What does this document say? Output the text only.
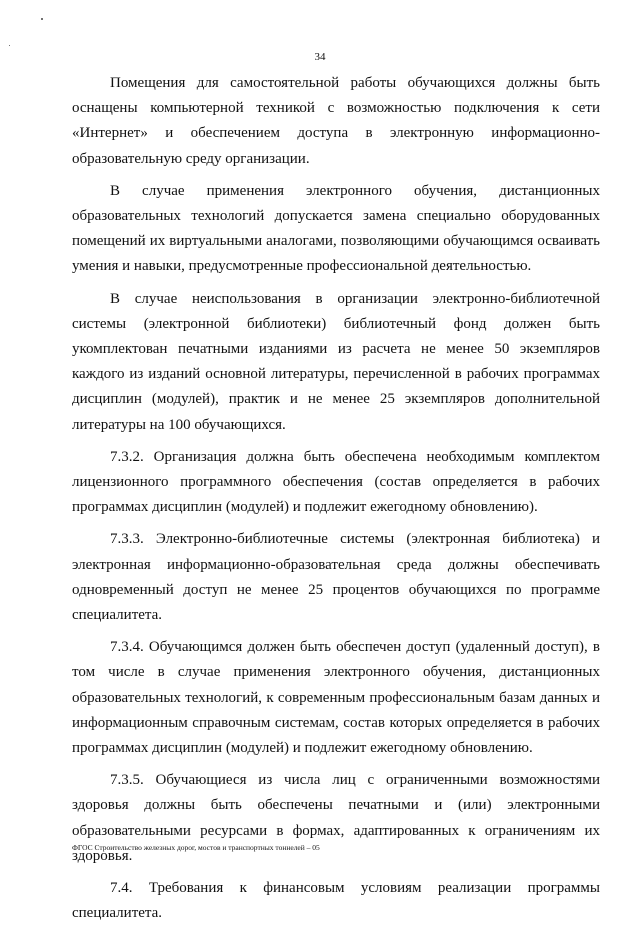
34

Помещения для самостоятельной работы обучающихся должны быть оснащены компьютерной техникой с возможностью подключения к сети «Интернет» и обеспечением доступа в электронную информационно-образовательную среду организации.

В случае применения электронного обучения, дистанционных образовательных технологий допускается замена специально оборудованных помещений их виртуальными аналогами, позволяющими обучающимся осваивать умения и навыки, предусмотренные профессиональной деятельностью.

В случае неиспользования в организации электронно-библиотечной системы (электронной библиотеки) библиотечный фонд должен быть укомплектован печатными изданиями из расчета не менее 50 экземпляров каждого из изданий основной литературы, перечисленной в рабочих программах дисциплин (модулей), практик и не менее 25 экземпляров дополнительной литературы на 100 обучающихся.

7.3.2. Организация должна быть обеспечена необходимым комплектом лицензионного программного обеспечения (состав определяется в рабочих программах дисциплин (модулей) и подлежит ежегодному обновлению).

7.3.3. Электронно-библиотечные системы (электронная библиотека) и электронная информационно-образовательная среда должны обеспечивать одновременный доступ не менее 25 процентов обучающихся по программе специалитета.

7.3.4. Обучающимся должен быть обеспечен доступ (удаленный доступ), в том числе в случае применения электронного обучения, дистанционных образовательных технологий, к современным профессиональным базам данных и информационным справочным системам, состав которых определяется в рабочих программах дисциплин (модулей) и подлежит ежегодному обновлению.

7.3.5. Обучающиеся из числа лиц с ограниченными возможностями здоровья должны быть обеспечены печатными и (или) электронными образовательными ресурсами в формах, адаптированных к ограничениям их здоровья.

7.4. Требования к финансовым условиям реализации программы специалитета.

ФГОС Строительство железных дорог, мостов и транспортных тоннелей – 05
